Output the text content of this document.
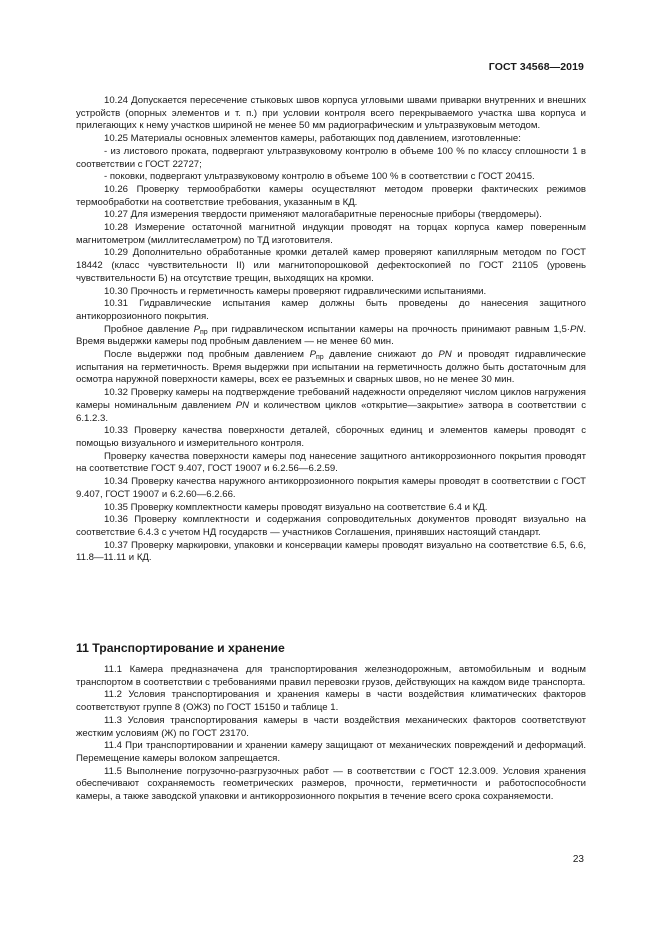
ГОСТ 34568—2019

10.24 Допускается пересечение стыковых швов корпуса угловыми швами приварки внутренних и внешних устройств (опорных элементов и т. п.) при условии контроля всего перекрываемого участка шва корпуса и прилегающих к нему участков шириной не менее 50 мм радиографическим и ультразвуковым методом.

10.25 Материалы основных элементов камеры, работающих под давлением, изготовленные:

- из листового проката, подвергают ультразвуковому контролю в объеме 100 % по классу сплошности 1 в соответствии с ГОСТ 22727;

- поковки, подвергают ультразвуковому контролю в объеме 100 % в соответствии с ГОСТ 20415.

10.26 Проверку термообработки камеры осуществляют методом проверки фактических режимов термообработки на соответствие требования, указанным в КД.

10.27 Для измерения твердости применяют малогабаритные переносные приборы (твердомеры).

10.28 Измерение остаточной магнитной индукции проводят на торцах корпуса камер поверенным магнитометром (миллитесламетром) по ТД изготовителя.

10.29 Дополнительно обработанные кромки деталей камер проверяют капиллярным методом по ГОСТ 18442 (класс чувствительности II) или магнитопорошковой дефектоскопией по ГОСТ 21105 (уровень чувствительности Б) на отсутствие трещин, выходящих на кромки.

10.30 Прочность и герметичность камеры проверяют гидравлическими испытаниями.

10.31 Гидравлические испытания камер должны быть проведены до нанесения защитного антикоррозионного покрытия.

Пробное давление $P_{пр}$ при гидравлическом испытании камеры на прочность принимают равным 1,5·PN. Время выдержки камеры под пробным давлением — не менее 60 мин.

После выдержки под пробным давлением $P_{пр}$ давление снижают до PN и проводят гидравлические испытания на герметичность. Время выдержки при испытании на герметичность должно быть достаточным для осмотра наружной поверхности камеры, всех ее разъемных и сварных швов, но не менее 30 мин.

10.32 Проверку камеры на подтверждение требований надежности определяют числом циклов нагружения камеры номинальным давлением PN и количеством циклов «открытие—закрытие» затвора в соответствии с 6.1.2.3.

10.33 Проверку качества поверхности деталей, сборочных единиц и элементов камеры проводят с помощью визуального и измерительного контроля.

Проверку качества поверхности камеры под нанесение защитного антикоррозионного покрытия проводят на соответствие ГОСТ 9.407, ГОСТ 19007 и 6.2.56—6.2.59.

10.34 Проверку качества наружного антикоррозионного покрытия камеры проводят в соответствии с ГОСТ 9.407, ГОСТ 19007 и 6.2.60—6.2.66.

10.35 Проверку комплектности камеры проводят визуально на соответствие 6.4 и КД.

10.36 Проверку комплектности и содержания сопроводительных документов проводят визуально на соответствие 6.4.3 с учетом НД государств — участников Соглашения, принявших настоящий стандарт.

10.37 Проверку маркировки, упаковки и консервации камеры проводят визуально на соответствие 6.5, 6.6, 11.8—11.11 и КД.

11 Транспортирование и хранение

11.1 Камера предназначена для транспортирования железнодорожным, автомобильным и водным транспортом в соответствии с требованиями правил перевозки грузов, действующих на каждом виде транспорта.

11.2 Условия транспортирования и хранения камеры в части воздействия климатических факторов соответствуют группе 8 (ОЖ3) по ГОСТ 15150 и таблице 1.

11.3 Условия транспортирования камеры в части воздействия механических факторов соответствуют жестким условиям (Ж) по ГОСТ 23170.

11.4 При транспортировании и хранении камеру защищают от механических повреждений и деформаций. Перемещение камеры волоком запрещается.

11.5 Выполнение погрузочно-разгрузочных работ — в соответствии с ГОСТ 12.3.009. Условия хранения обеспечивают сохраняемость геометрических размеров, прочности, герметичности и работоспособности камеры, а также заводской упаковки и антикоррозионного покрытия в течение всего срока сохраняемости.

23
